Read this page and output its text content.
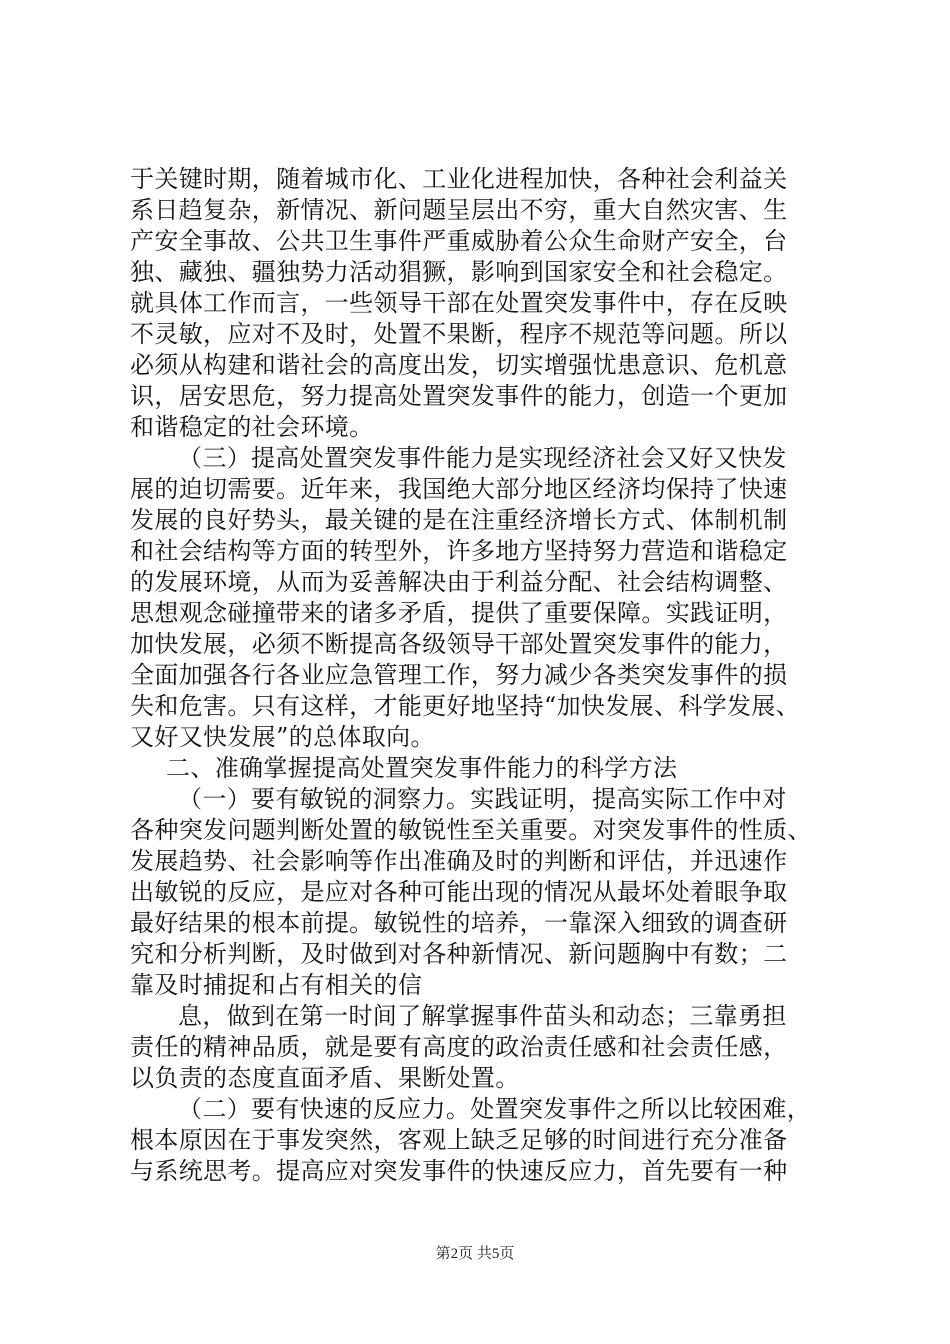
于关键时期，随着城市化、工业化进程加快，各种社会利益关
系日趋复杂，新情况、新问题呈层出不穷，重大自然灾害、生
产安全事故、公共卫生事件严重威胁着公众生命财产安全，台
独、藏独、疆独势力活动猖獗，影响到国家安全和社会稳定。
就具体工作而言，一些领导干部在处置突发事件中，存在反映
不灵敏，应对不及时，处置不果断，程序不规范等问题。所以
必须从构建和谐社会的高度出发，切实增强忧患意识、危机意
识，居安思危，努力提高处置突发事件的能力，创造一个更加
和谐稳定的社会环境。
（三）提高处置突发事件能力是实现经济社会又好又快发
展的迫切需要。近年来，我国绝大部分地区经济均保持了快速
发展的良好势头，最关键的是在注重经济增长方式、体制机制
和社会结构等方面的转型外，许多地方坚持努力营造和谐稳定
的发展环境，从而为妥善解决由于利益分配、社会结构调整、
思想观念碰撞带来的诸多矛盾，提供了重要保障。实践证明，
加快发展，必须不断提高各级领导干部处置突发事件的能力，
全面加强各行各业应急管理工作，努力减少各类突发事件的损
失和危害。只有这样，才能更好地坚持“加快发展、科学发展、
又好又快发展”的总体取向。
二、准确掌握提高处置突发事件能力的科学方法
（一）要有敏锐的洞察力。实践证明，提高实际工作中对
各种突发问题判断处置的敏锐性至关重要。对突发事件的性质、
发展趋势、社会影响等作出准确及时的判断和评估，并迅速作
出敏锐的反应，是应对各种可能出现的情况从最坏处着眼争取
最好结果的根本前提。敏锐性的培养，一靠深入细致的调查研
究和分析判断，及时做到对各种新情况、新问题胸中有数；二
靠及时捕捉和占有相关的信
息，做到在第一时间了解掌握事件苗头和动态；三靠勇担
责任的精神品质，就是要有高度的政治责任感和社会责任感，
以负责的态度直面矛盾、果断处置。
（二）要有快速的反应力。处置突发事件之所以比较困难，
根本原因在于事发突然，客观上缺乏足够的时间进行充分准备
与系统思考。提高应对突发事件的快速反应力，首先要有一种
第2页 共5页
